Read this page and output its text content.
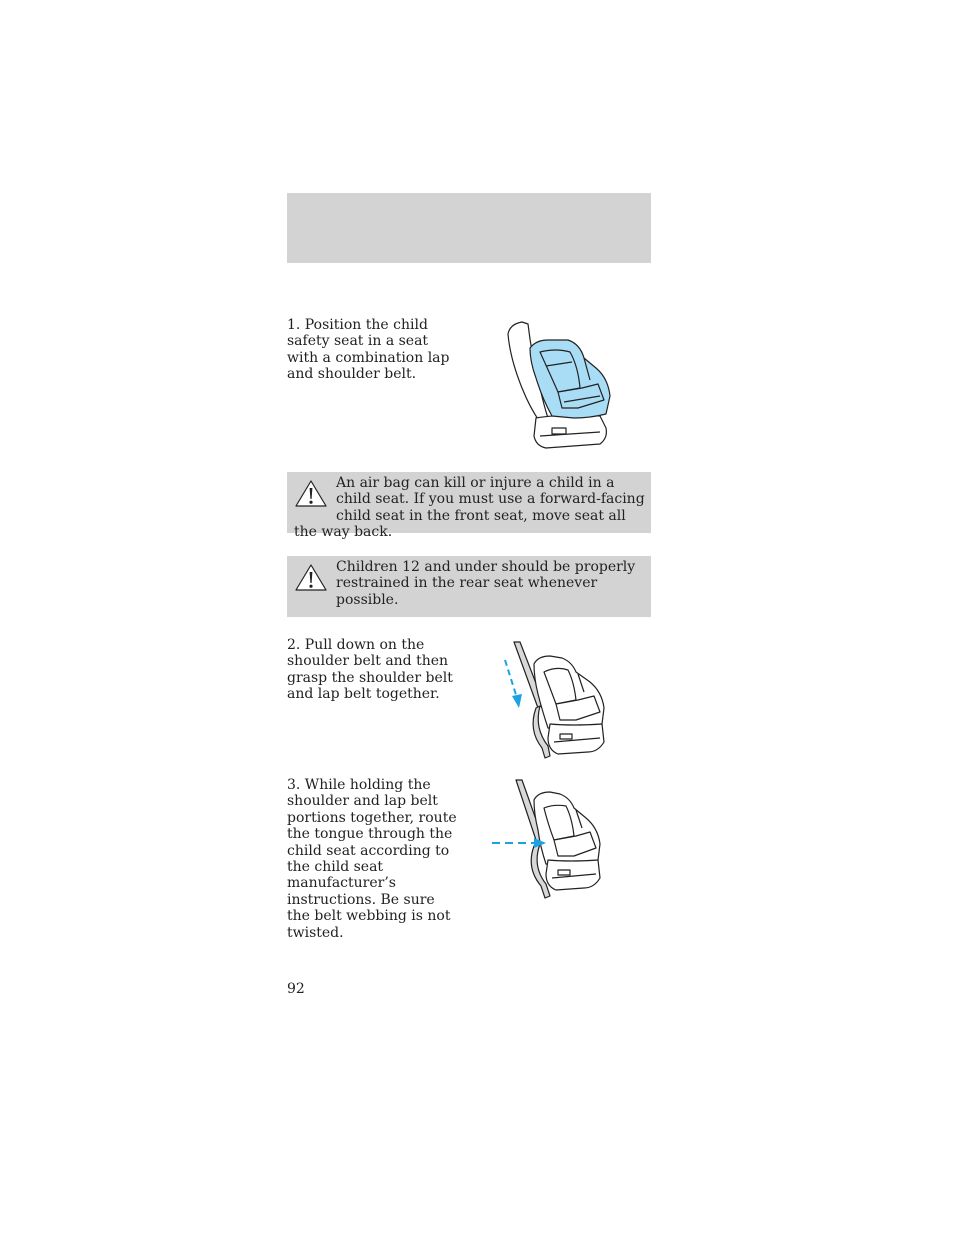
1. Position the child safety seat in a seat with a combination lap and shoulder belt.

An air bag can kill or injure a child in a child seat. If you must use a forward-facing child seat in the front seat, move seat all the way back.
Children 12 and under should be properly restrained in the rear seat whenever possible.

2. Pull down on the shoulder belt and then grasp the shoulder belt and lap belt together.

3. While holding the shoulder and lap belt portions together, route the tongue through the child seat according to the child seat manufacturer’s instructions. Be sure the belt webbing is not twisted.

92
